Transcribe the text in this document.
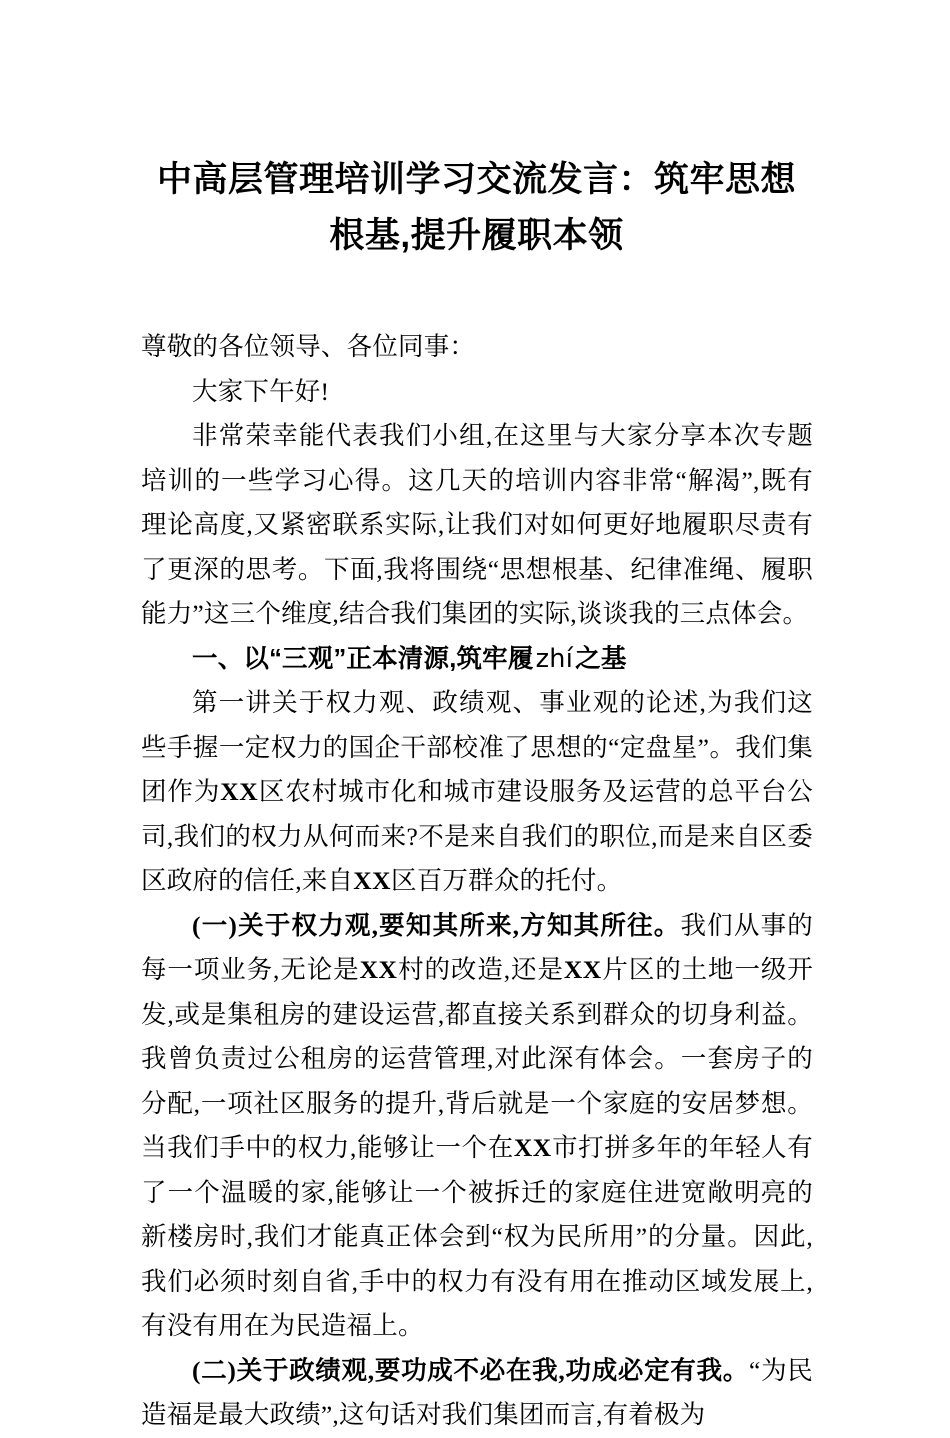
中高层管理培训学习交流发言：筑牢思想
根基,提升履职本领

尊敬的各位领导、各位同事：

大家下午好!

非常荣幸能代表我们小组,在这里与大家分享本次专题培训的一些学习心得。这几天的培训内容非常“解渴”,既有理论高度,又紧密联系实际,让我们对如何更好地履职尽责有了更深的思考。下面,我将围绕“思想根基、纪律准绳、履职能力”这三个维度,结合我们集团的实际,谈谈我的三点体会。

一、以“三观”正本清源,筑牢履zhí之基

第一讲关于权力观、政绩观、事业观的论述,为我们这些手握一定权力的国企干部校准了思想的“定盘星”。我们集团作为XX区农村城市化和城市建设服务及运营的总平台公司,我们的权力从何而来?不是来自我们的职位,而是来自区委区政府的信任,来自XX区百万群众的托付。

(一)关于权力观,要知其所来,方知其所往。我们从事的每一项业务,无论是XX村的改造,还是XX片区的土地一级开发,或是集租房的建设运营,都直接关系到群众的切身利益。我曾负责过公租房的运营管理,对此深有体会。一套房子的分配,一项社区服务的提升,背后就是一个家庭的安居梦想。当我们手中的权力,能够让一个在XX市打拼多年的年轻人有了一个温暖的家,能够让一个被拆迁的家庭住进宽敞明亮的新楼房时,我们才能真正体会到“权为民所用”的分量。因此,我们必须时刻自省,手中的权力有没有用在推动区域发展上,有没有用在为民造福上。

(二)关于政绩观,要功成不必在我,功成必定有我。“为民造福是最大政绩”,这句话对我们集团而言,有着极为
